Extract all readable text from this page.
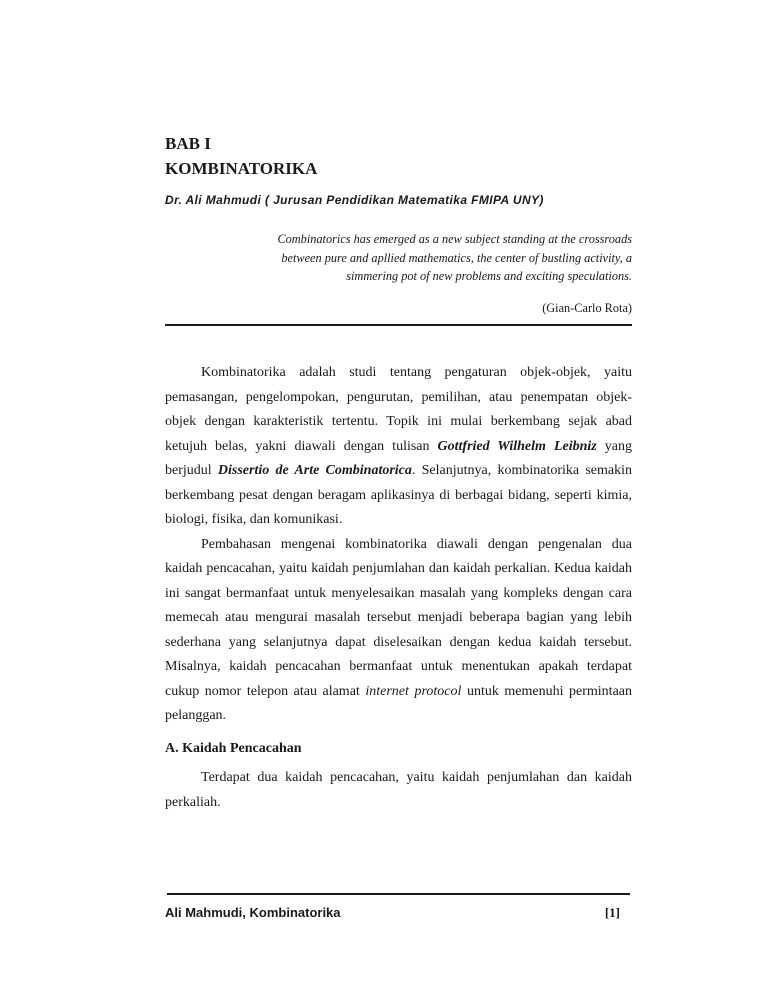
BAB I
KOMBINATORIKA
Dr. Ali Mahmudi ( Jurusan Pendidikan Matematika FMIPA UNY)
Combinatorics has emerged as a new subject standing at the crossroads
between pure and apllied mathematics, the center of bustling activity, a
simmering pot of new problems and exciting speculations.
(Gian-Carlo Rota)

Kombinatorika adalah studi tentang pengaturan objek-objek, yaitu pemasangan, pengelompokan, pengurutan, pemilihan, atau penempatan objek-objek dengan karakteristik tertentu. Topik ini mulai berkembang sejak abad ketujuh belas, yakni diawali dengan tulisan Gottfried Wilhelm Leibniz yang berjudul Dissertio de Arte Combinatorica. Selanjutnya, kombinatorika semakin berkembang pesat dengan beragam aplikasinya di berbagai bidang, seperti kimia, biologi, fisika, dan komunikasi.

Pembahasan mengenai kombinatorika diawali dengan pengenalan dua kaidah pencacahan, yaitu kaidah penjumlahan dan kaidah perkalian. Kedua kaidah ini sangat bermanfaat untuk menyelesaikan masalah yang kompleks dengan cara memecah atau mengurai masalah tersebut menjadi beberapa bagian yang lebih sederhana yang selanjutnya dapat diselesaikan dengan kedua kaidah tersebut. Misalnya, kaidah pencacahan bermanfaat untuk menentukan apakah terdapat cukup nomor telepon atau alamat internet protocol untuk memenuhi permintaan pelanggan.

A. Kaidah Pencacahan

Terdapat dua kaidah pencacahan, yaitu kaidah penjumlahan dan kaidah perkaliah.

Ali Mahmudi, Kombinatorika	[1]
